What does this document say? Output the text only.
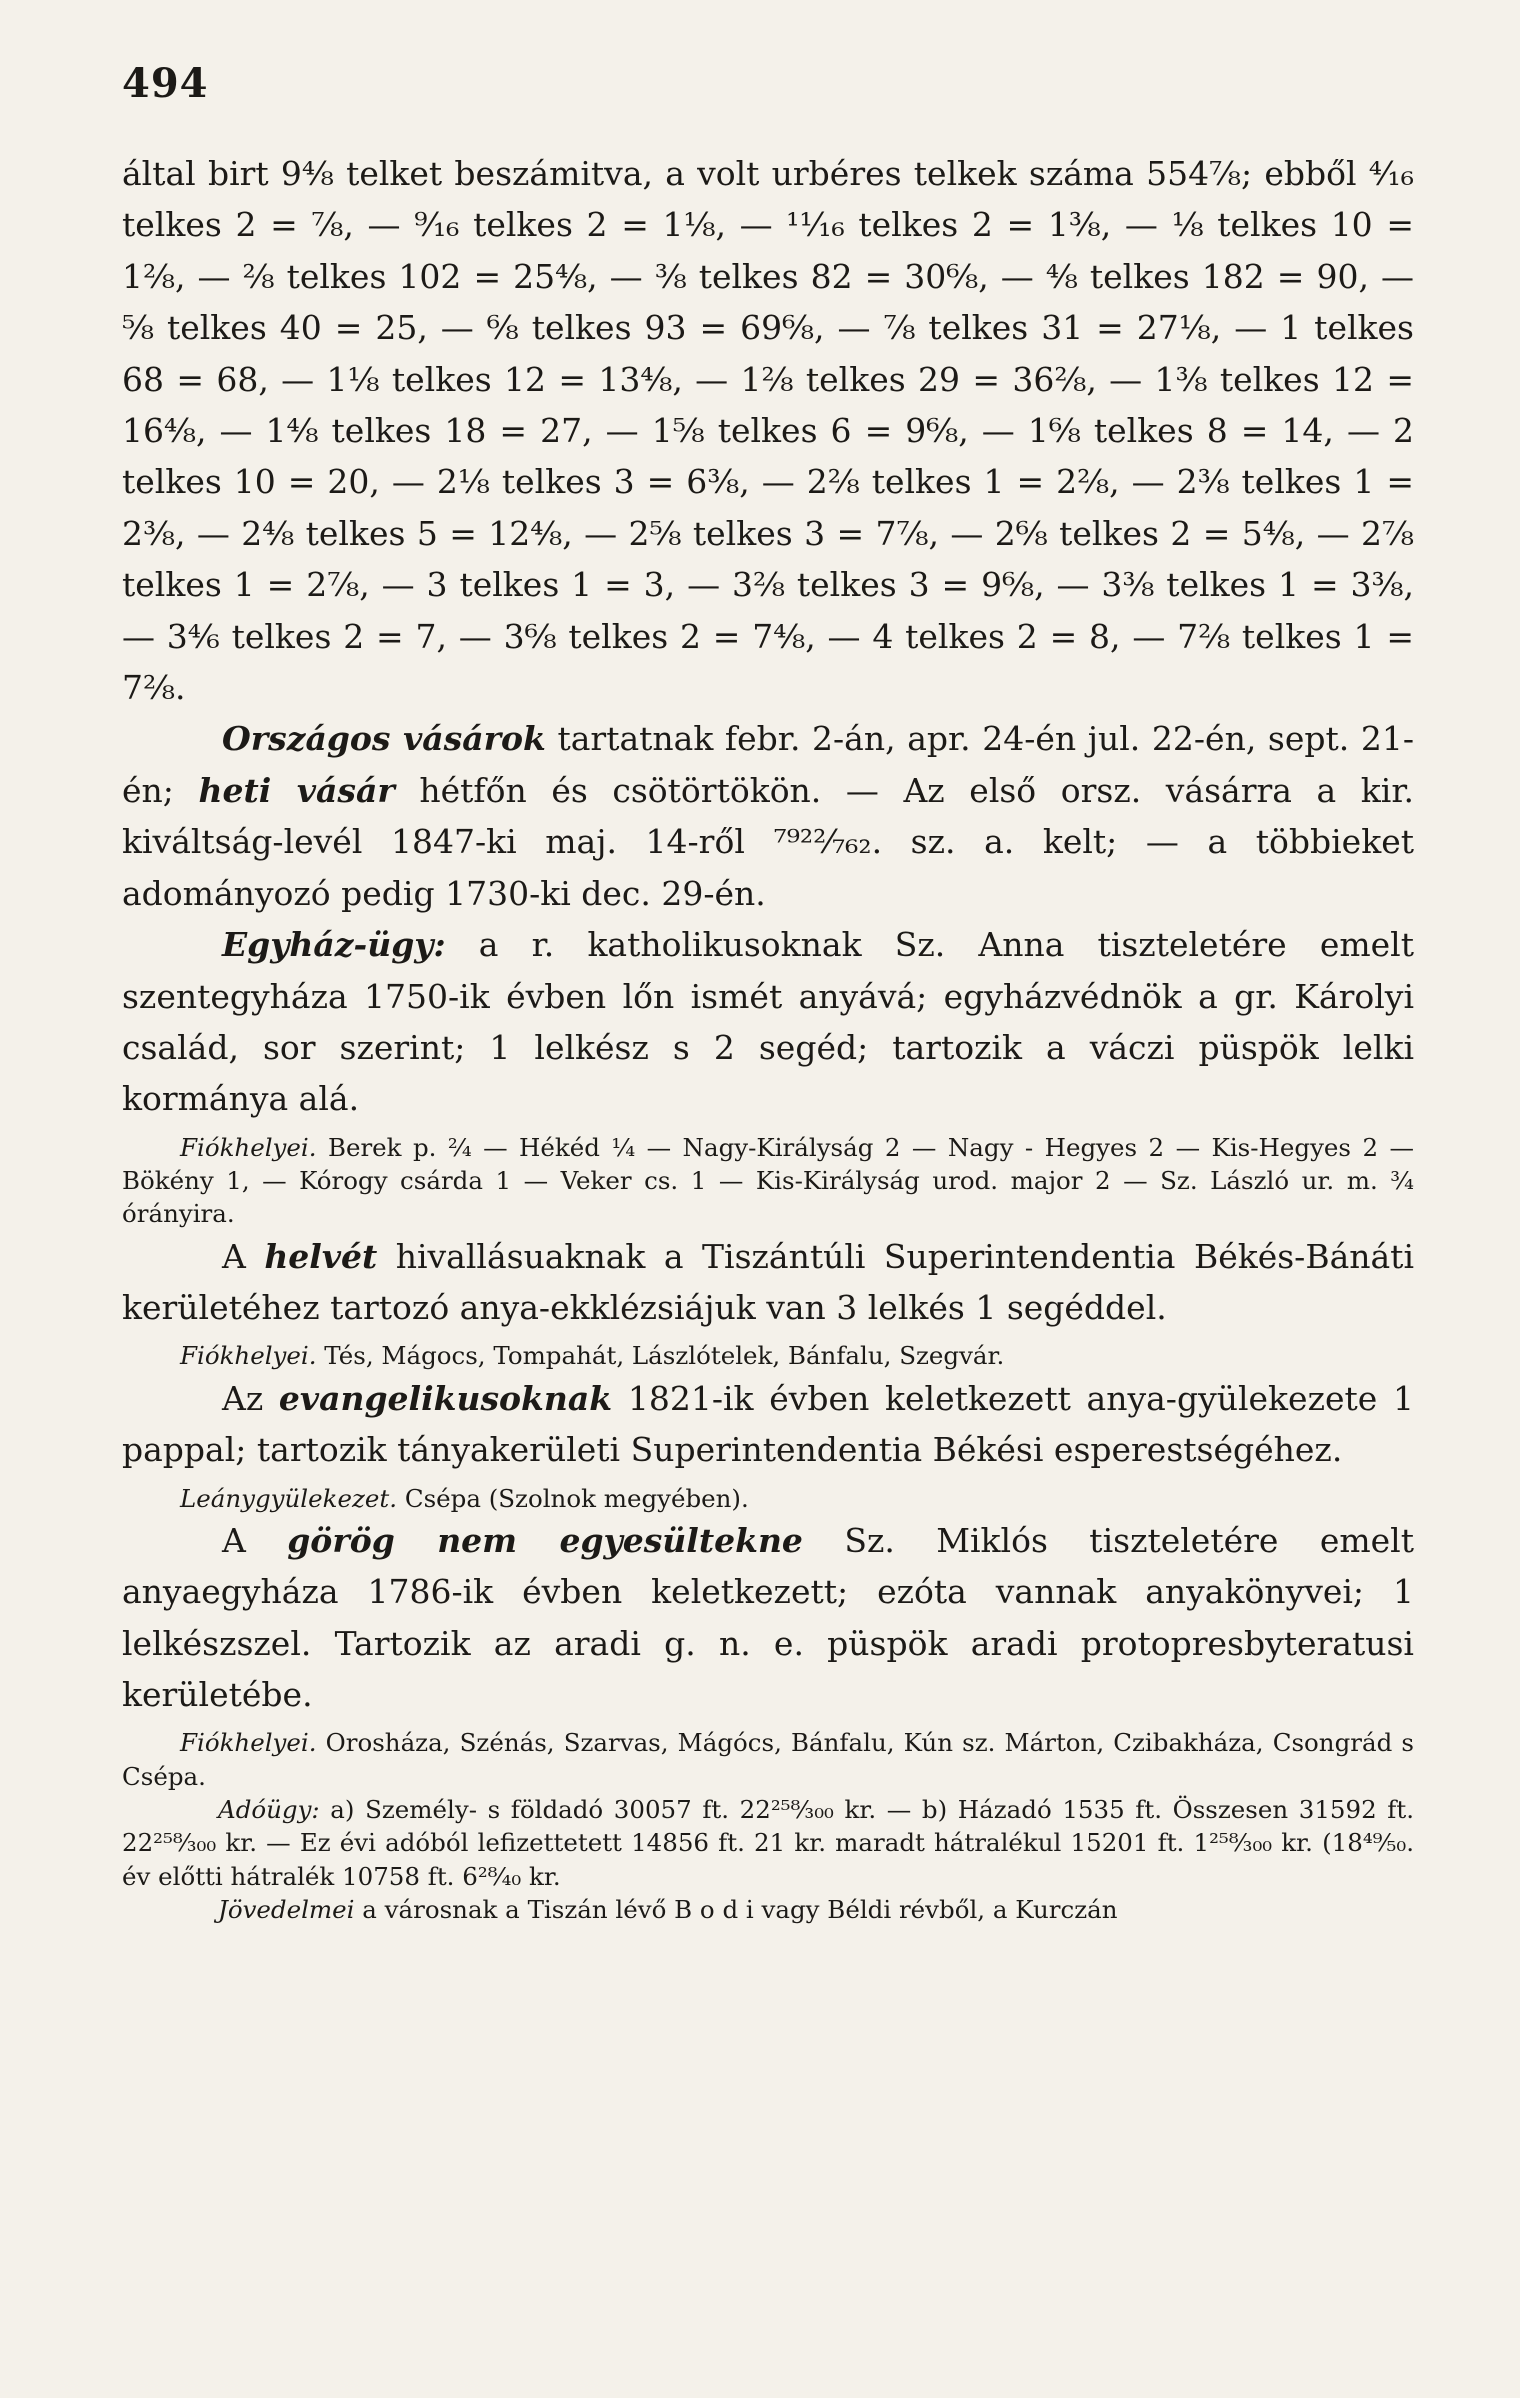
494

által birt 9⁴⁄₈ telket beszámitva, a volt urbéres telkek száma 554⁷⁄₈; ebből ⁴⁄₁₆ telkes 2 = ⁷⁄₈, — ⁹⁄₁₆ telkes 2 = 1¹⁄₈, — ¹¹⁄₁₆ telkes 2 = 1³⁄₈, — ¹⁄₈ telkes 10 = 1²⁄₈, — ²⁄₈ telkes 102 = 25⁴⁄₈, — ³⁄₈ telkes 82 = 30⁶⁄₈, — ⁴⁄₈ telkes 182 = 90, — ⁵⁄₈ telkes 40 = 25, — ⁶⁄₈ telkes 93 = 69⁶⁄₈, — ⁷⁄₈ telkes 31 = 27¹⁄₈, — 1 telkes 68 = 68, — 1¹⁄₈ telkes 12 = 13⁴⁄₈, — 1²⁄₈ telkes 29 = 36²⁄₈, — 1³⁄₈ telkes 12 = 16⁴⁄₈, — 1⁴⁄₈ telkes 18 = 27, — 1⁵⁄₈ telkes 6 = 9⁶⁄₈, — 1⁶⁄₈ telkes 8 = 14, — 2 telkes 10 = 20, — 2¹⁄₈ telkes 3 = 6³⁄₈, — 2²⁄₈ telkes 1 = 2²⁄₈, — 2³⁄₈ telkes 1 = 2³⁄₈, — 2⁴⁄₈ telkes 5 = 12⁴⁄₈, — 2⁵⁄₈ telkes 3 = 7⁷⁄₈, — 2⁶⁄₈ telkes 2 = 5⁴⁄₈, — 2⁷⁄₈ telkes 1 = 2⁷⁄₈, — 3 telkes 1 = 3, — 3²⁄₈ telkes 3 = 9⁶⁄₈, — 3³⁄₈ telkes 1 = 3³⁄₈, — 3⁴⁄₆ telkes 2 = 7, — 3⁶⁄₈ telkes 2 = 7⁴⁄₈, — 4 telkes 2 = 8, — 7²⁄₈ telkes 1 = 7²⁄₈.

Országos vásárok tartatnak febr. 2-án, apr. 24-én jul. 22-én, sept. 21-én; heti vásár hétfőn és csötörtökön. — Az első orsz. vásárra a kir. kiváltság-levél 1847-ki maj. 14-ről ⁷⁹²²⁄₇₆₂. sz. a. kelt; — a többieket adományozó pedig 1730-ki dec. 29-én.

Egyház-ügy: a r. katholikusoknak Sz. Anna tiszteletére emelt szentegyháza 1750-ik évben lőn ismét anyává; egyházvédnök a gr. Károlyi család, sor szerint; 1 lelkész s 2 segéd; tartozik a váczi püspök lelki kormánya alá.

Fiókhelyei. Berek p. ²⁄₄ — Hékéd ¹⁄₄ — Nagy-Királyság 2 — Nagy - Hegyes 2 — Kis-Hegyes 2 — Bökény 1, — Kórogy csárda 1 — Veker cs. 1 — Kis-Királyság urod. major 2 — Sz. László ur. m. ³⁄₄ órányira.

A helvét hivallásuaknak a Tiszántúli Superintendentia Békés-Bánáti kerületéhez tartozó anya-ekklézsiájuk van 3 lelkés 1 segéddel.

Fiókhelyei. Tés, Mágocs, Tompahát, Lászlótelek, Bánfalu, Szegvár.

Az evangelikusoknak 1821-ik évben keletkezett anya-gyülekezete 1 pappal; tartozik tányakerületi Superintendentia Békési esperestségéhez.

Leánygyülekezet. Csépa (Szolnok megyében).

A görög nem egyesültekne Sz. Miklós tiszteletére emelt anyaegyháza 1786-ik évben keletkezett; ezóta vannak anyakönyvei; 1 lelkészszel. Tartozik az aradi g. n. e. püspök aradi protopresbyteratusi kerületébe.

Fiókhelyei. Orosháza, Szénás, Szarvas, Mágócs, Bánfalu, Kún sz. Márton, Czibakháza, Csongrád s Csépa.

Adóügy: a) Személy- s földadó 30057 ft. 22²⁵⁸⁄₃₀₀ kr. — b) Házadó 1535 ft. Összesen 31592 ft. 22²⁵⁸⁄₃₀₀ kr. — Ez évi adóból lefizettetett 14856 ft. 21 kr. maradt hátralékul 15201 ft. 1²⁵⁸⁄₃₀₀ kr. (18⁴⁹⁄₅₀. év előtti hátralék 10758 ft. 6²⁸⁄₄₀ kr.

Jövedelmei a városnak a Tiszán lévő B o d i vagy Béldi révből, a Kurczán
